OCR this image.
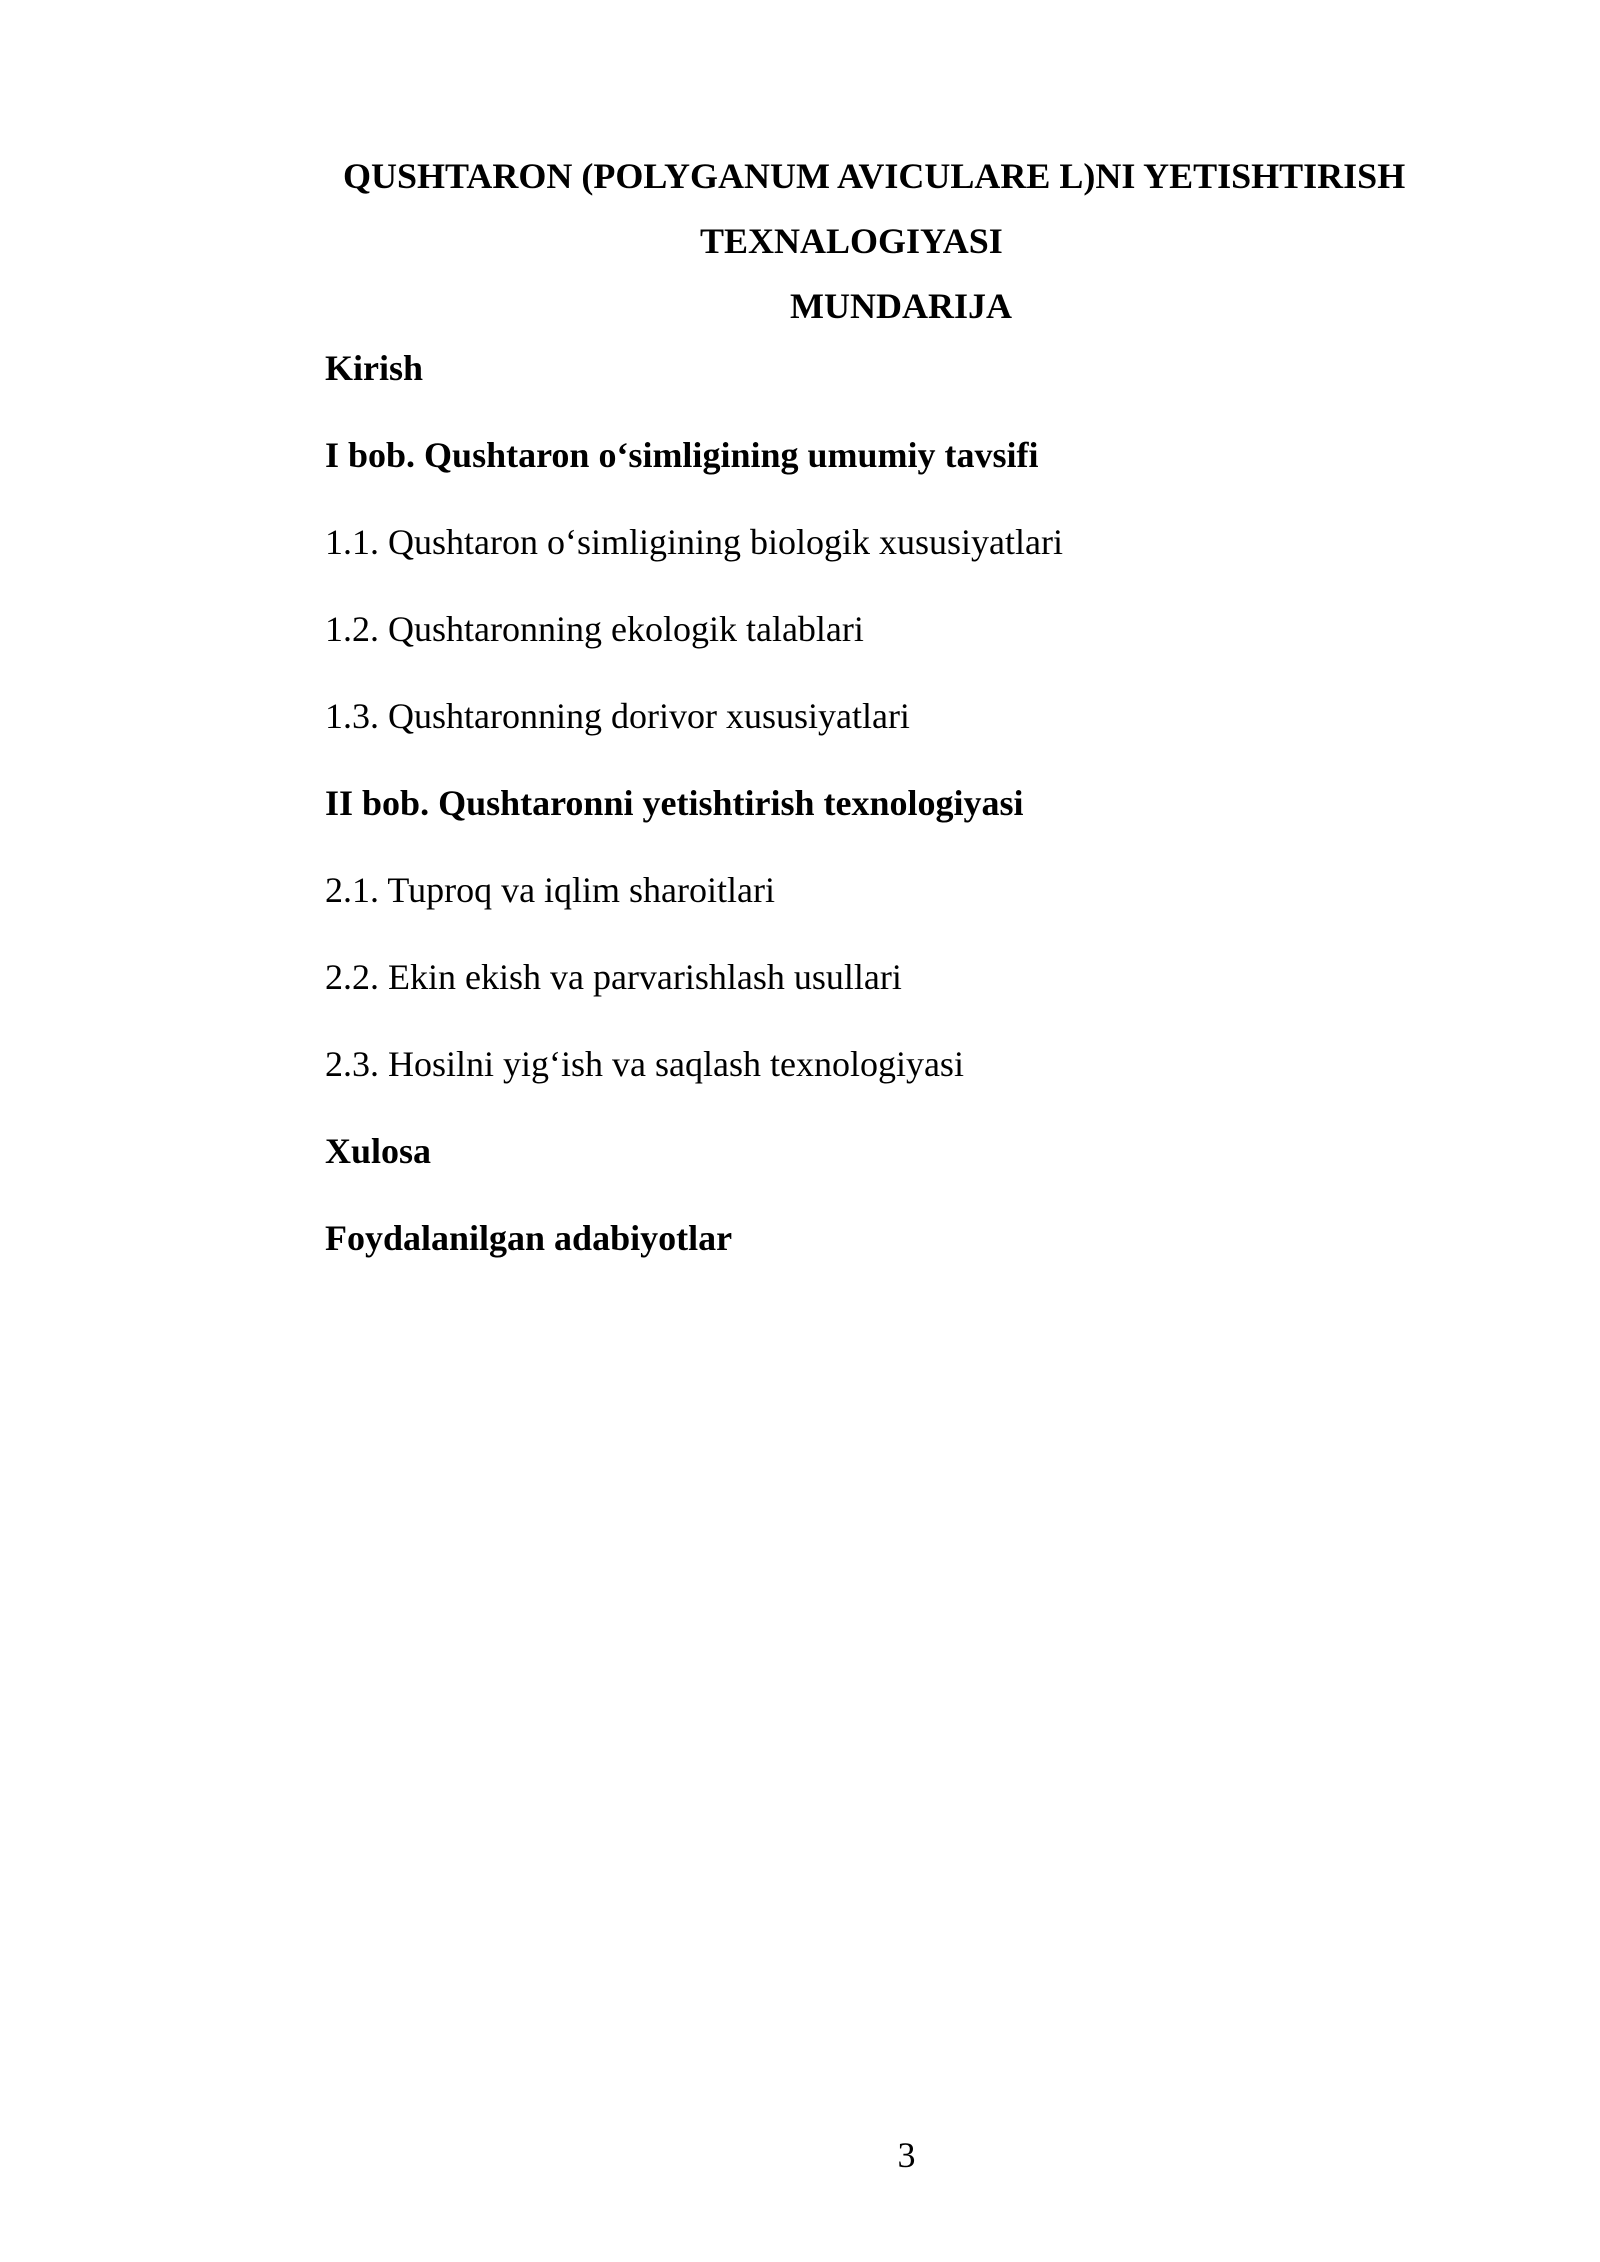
QUSHTARON (POLYGANUM AVICULARE L)NI YETISHTIRISH
TEXNALOGIYASI
MUNDARIJA
Kirish
I bob. Qushtaron o‘simligining umumiy tavsifi
1.1. Qushtaron o‘simligining biologik xususiyatlari
1.2. Qushtaronning ekologik talablari
1.3. Qushtaronning dorivor xususiyatlari
II bob. Qushtaronni yetishtirish texnologiyasi
2.1. Tuproq va iqlim sharoitlari
2.2. Ekin ekish va parvarishlash usullari
2.3. Hosilni yig‘ish va saqlash texnologiyasi
Xulosa
Foydalanilgan adabiyotlar
3
